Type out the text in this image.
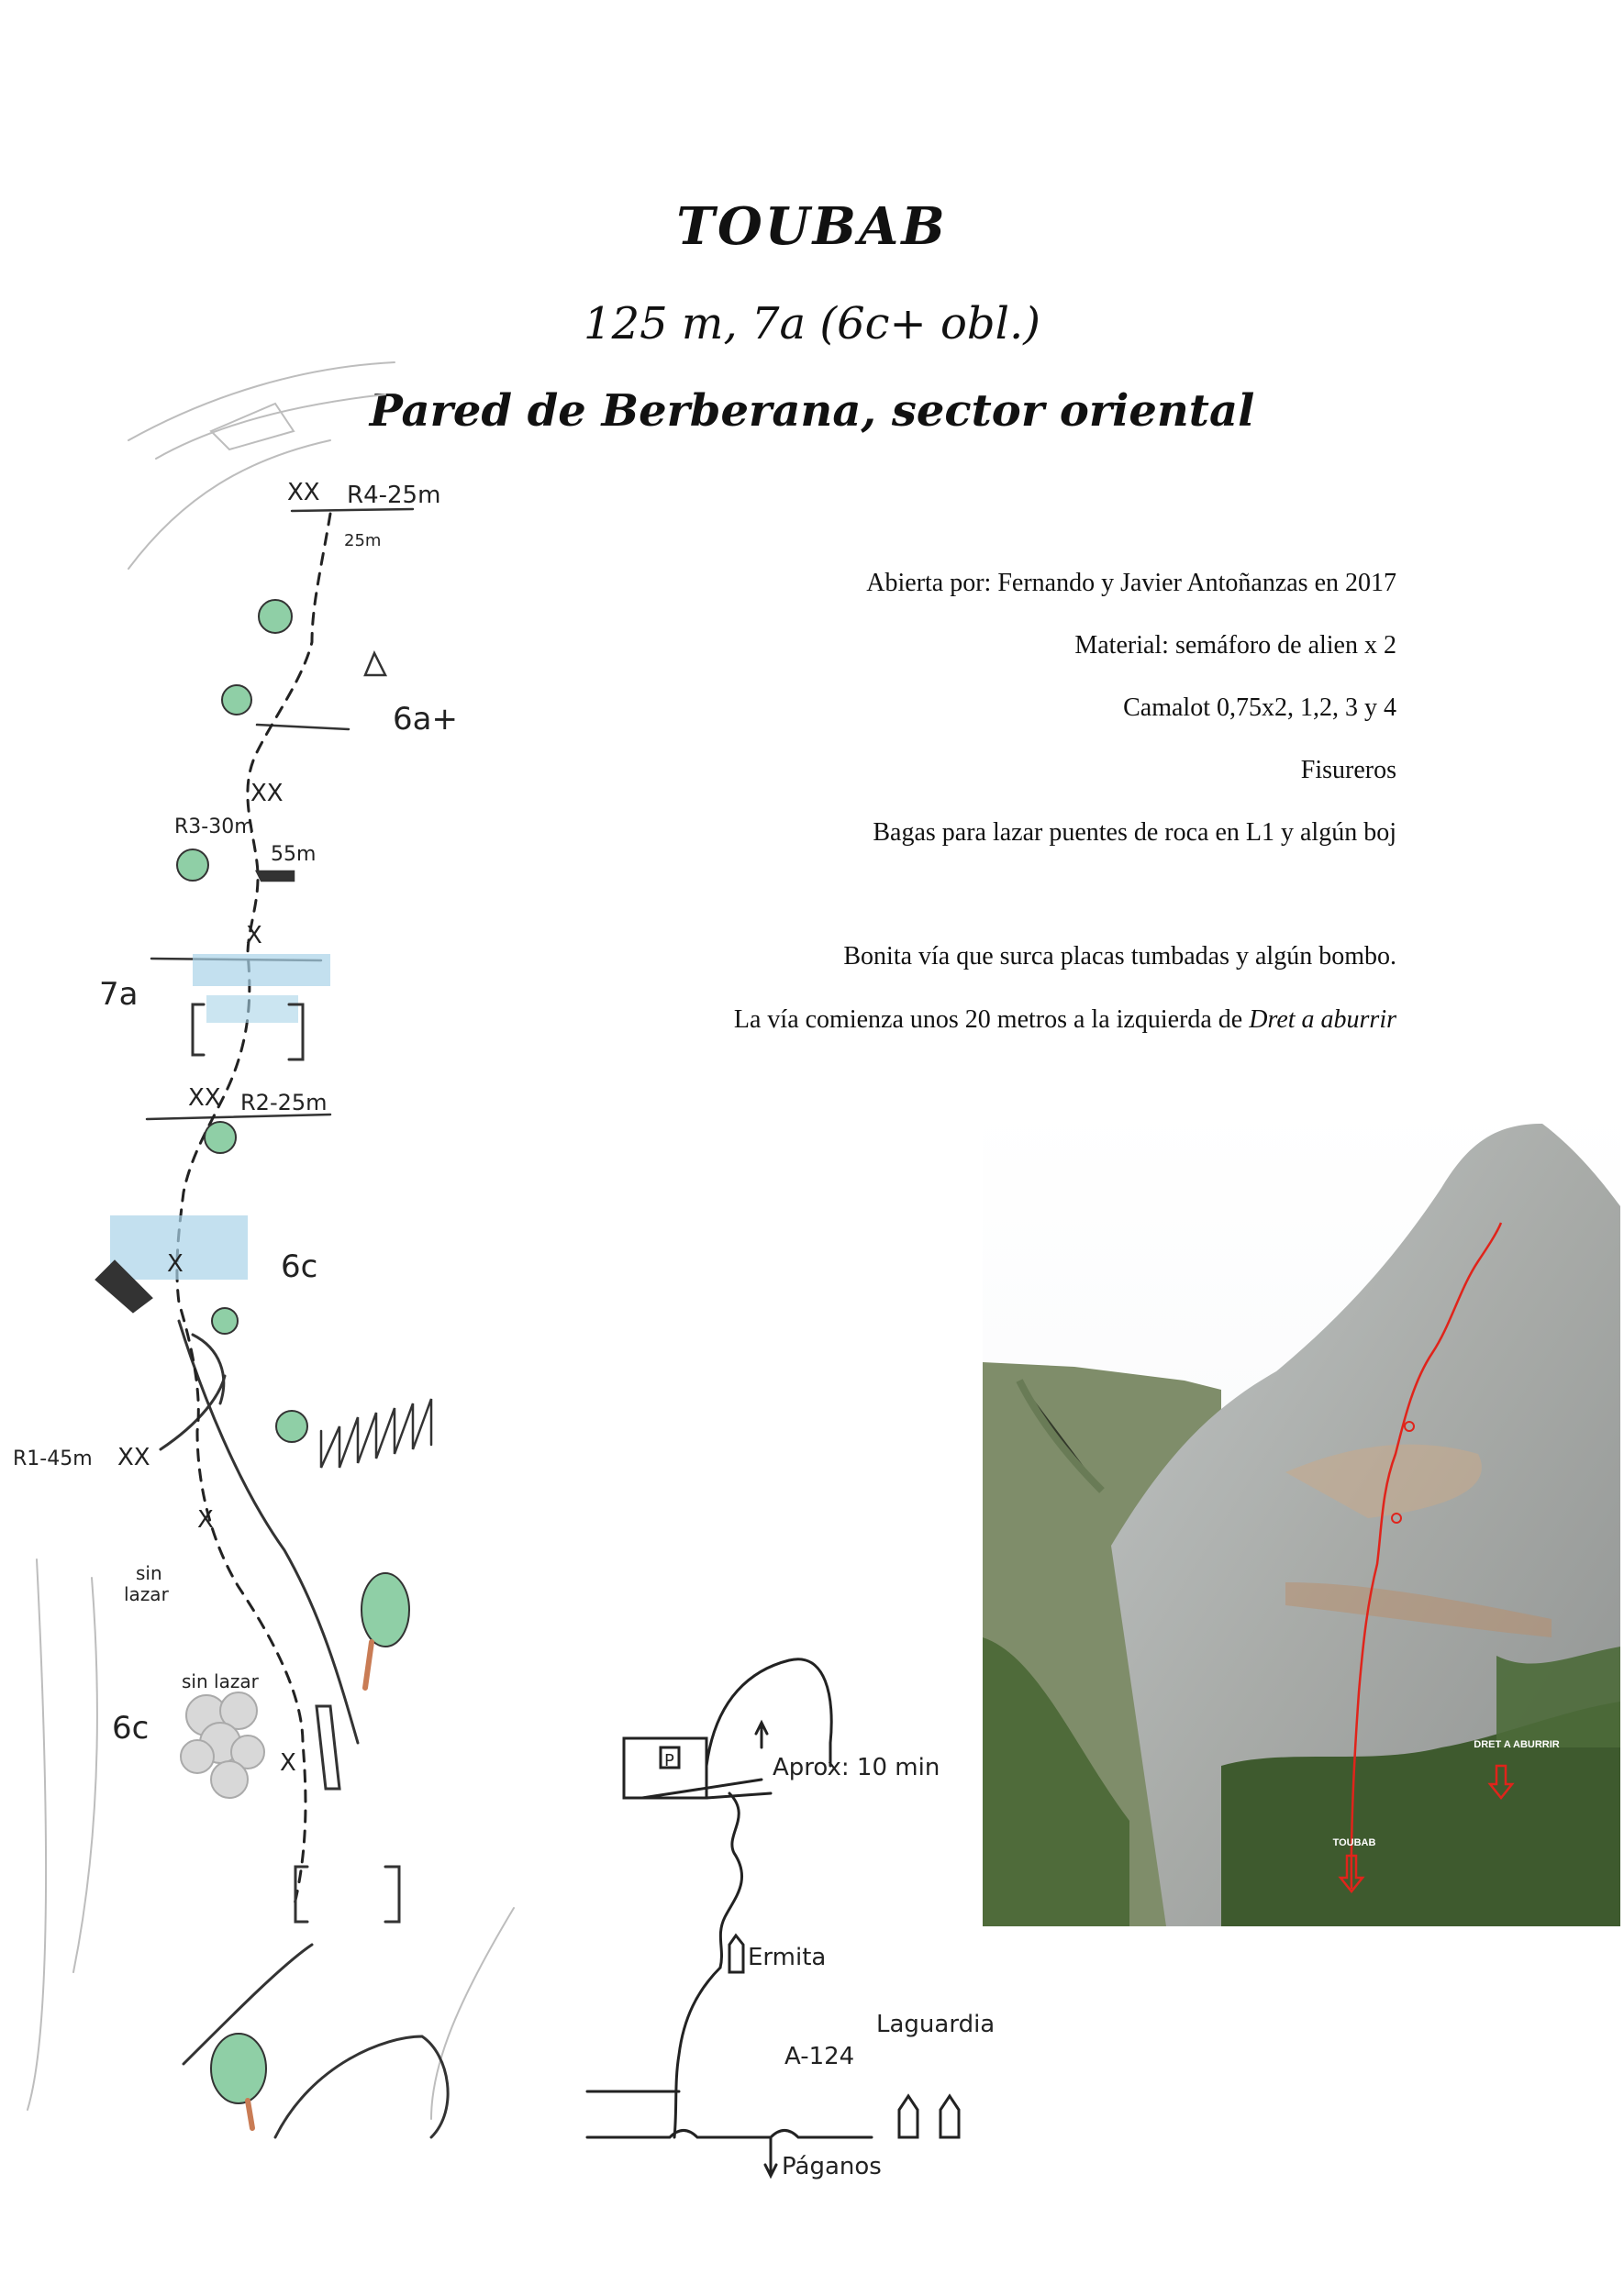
TOUBAB
125 m, 7a (6c+ obl.)
Pared de Berberana, sector oriental
Abierta por: Fernando y Javier Antoñanzas en 2017
Material: semáforo de alien x 2
Camalot 0,75x2, 1,2, 3 y 4
Fisureros
Bagas para lazar puentes de roca en L1 y algún boj
Bonita vía que surca placas tumbadas y algún bombo.
La vía comienza unos 20 metros a la izquierda de Dret a aburrir
XX R4-25m
25m
6a+
XX
R3-30m
55m
X
7a
XX R2-25m
X	6c
R1-45m XX
X
sin
lazar
sin lazar
6c
X	P	Aprox: 10 min
Ermita
A-124
Laguardia
Páganos
DRET A ABURRIR
TOUBAB
